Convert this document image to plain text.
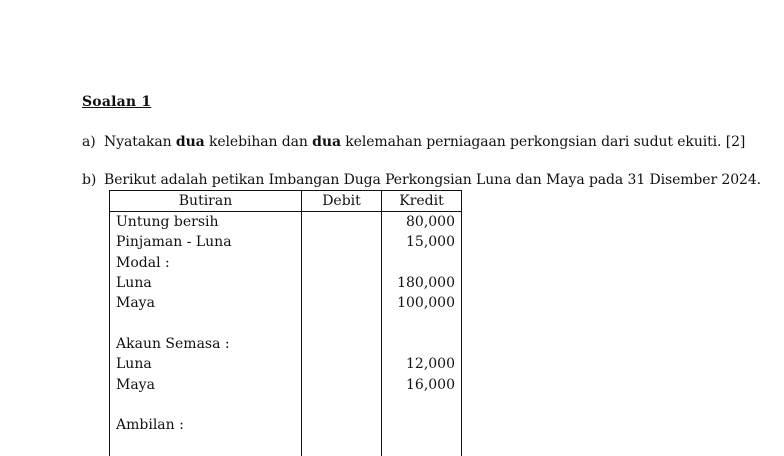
Soalan 1
a) Nyatakan dua kelebihan dan dua kelemahan perniagaan perkongsian dari sudut ekuiti. [2]
b) Berikut adalah petikan Imbangan Duga Perkongsian Luna dan Maya pada 31 Disember 2024.
Butiran	Debit	Kredit
Untung bersih		80,000
Pinjaman - Luna		15,000
Modal :		
Luna		180,000
Maya		100,000

Akaun Semasa :		
Luna		12,000
Maya		16,000

Ambilan :		
